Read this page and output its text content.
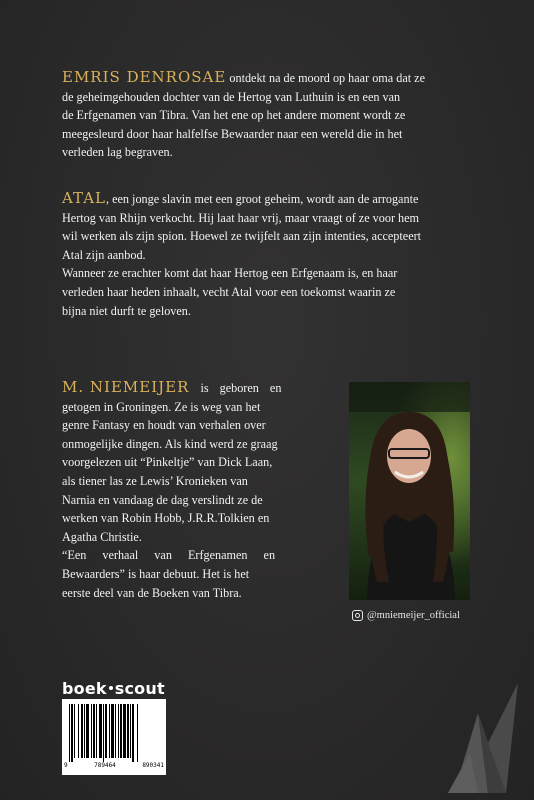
EMRIS DENROSAE ontdekt na de moord op haar oma dat ze

de geheimgehouden dochter van de Hertog van Luthuin is en een van

de Erfgenamen van Tibra. Van het ene op het andere moment wordt ze

meegesleurd door haar halfelfse Bewaarder naar een wereld die in het

verleden lag begraven.

ATAL, een jonge slavin met een groot geheim, wordt aan de arrogante

Hertog van Rhijn verkocht. Hij laat haar vrij, maar vraagt of ze voor hem

wil werken als zijn spion. Hoewel ze twijfelt aan zijn intenties, accepteert

Atal zijn aanbod.

Wanneer ze erachter komt dat haar Hertog een Erfgenaam is, en haar

verleden haar heden inhaalt, vecht Atal voor een toekomst waarin ze

bijna niet durft te geloven.

M. NIEMEIJER is geboren en

getogen in Groningen. Ze is weg van het

genre Fantasy en houdt van verhalen over

onmogelijke dingen. Als kind werd ze graag

voorgelezen uit “Pinkeltje” van Dick Laan,

als tiener las ze Lewis’ Kronieken van

Narnia en vandaag de dag verslindt ze de

werken van Robin Hobb, J.R.R.Tolkien en

Agatha Christie.

“Een verhaal van Erfgenamen en

Bewaarders” is haar debuut. Het is het

eerste deel van de Boeken van Tibra.

@mniemeijer_official
boek scout
9	789464	890341
